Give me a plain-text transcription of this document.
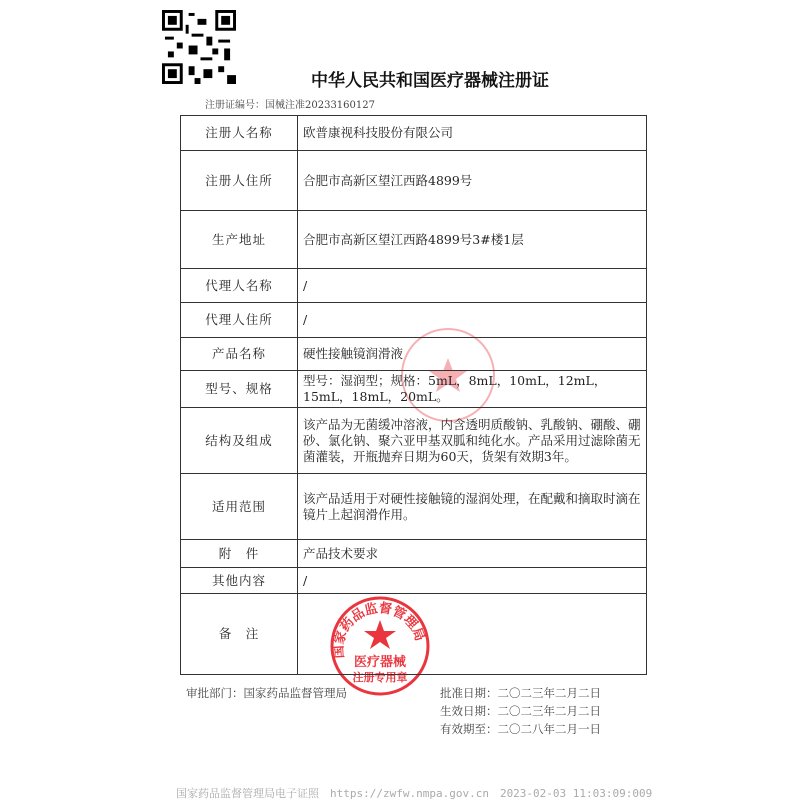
中华人民共和国医疗器械注册证
注册证编号：国械注准20233160127
注册人名称	欧普康视科技股份有限公司
注册人住所	合肥市高新区望江西路4899号
生产地址	合肥市高新区望江西路4899号3#楼1层
代理人名称	/
代理人住所	/
产品名称	硬性接触镜润滑液
型号、规格	型号：湿润型；规格：5mL，8mL，10mL，12mL，15mL，18mL，20mL。
结构及组成	该产品为无菌缓冲溶液，内含透明质酸钠、乳酸钠、硼酸、硼砂、氯化钠、聚六亚甲基双胍和纯化水。产品采用过滤除菌无菌灌装，开瓶抛弃日期为60天，货架有效期3年。
适用范围	该产品适用于对硬性接触镜的湿润处理，在配戴和摘取时滴在镜片上起润滑作用。
附　件	产品技术要求
其他内容	/
备　注	
审批部门：国家药品监督管理局	批准日期：二〇二三年二月二日
生效日期：二〇二三年二月二日
有效期至：二〇二八年二月一日
国家药品监督管理局电子证照　https://zwfw.nmpa.gov.cn　2023-02-03 11:03:09:009
国家药品监督管理局
医疗器械
注册专用章
